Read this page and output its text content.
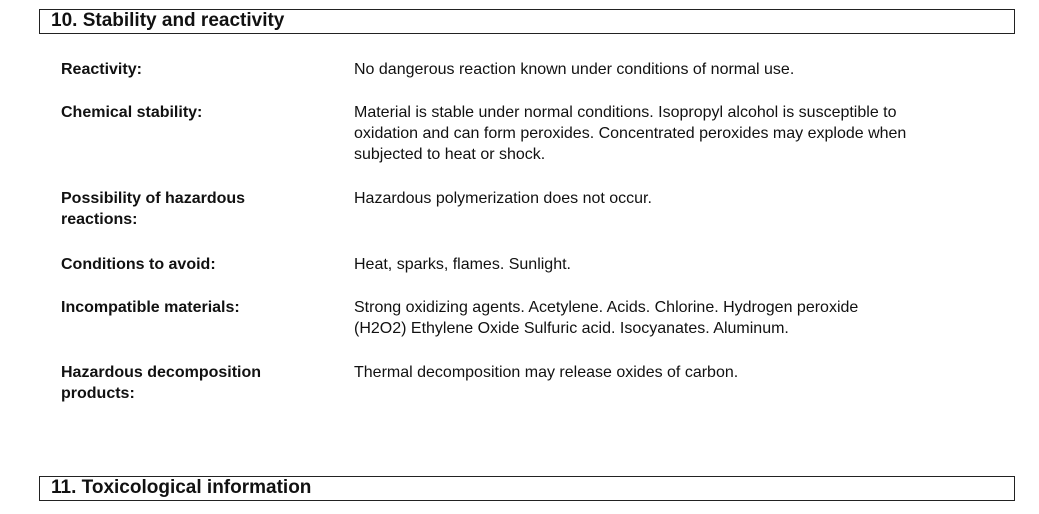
10. Stability and reactivity
Reactivity:	No dangerous reaction known under conditions of normal use.
Chemical stability:	Material is stable under normal conditions. Isopropyl alcohol is susceptible to
oxidation and can form peroxides. Concentrated peroxides may explode when
subjected to heat or shock.
Possibility of hazardous
reactions:
Hazardous polymerization does not occur.
Conditions to avoid:	Heat, sparks, flames. Sunlight.
Incompatible materials:	Strong oxidizing agents. Acetylene. Acids. Chlorine. Hydrogen peroxide
(H2O2) Ethylene Oxide Sulfuric acid. Isocyanates. Aluminum.
Hazardous decomposition
products:
Thermal decomposition may release oxides of carbon.
11. Toxicological information
